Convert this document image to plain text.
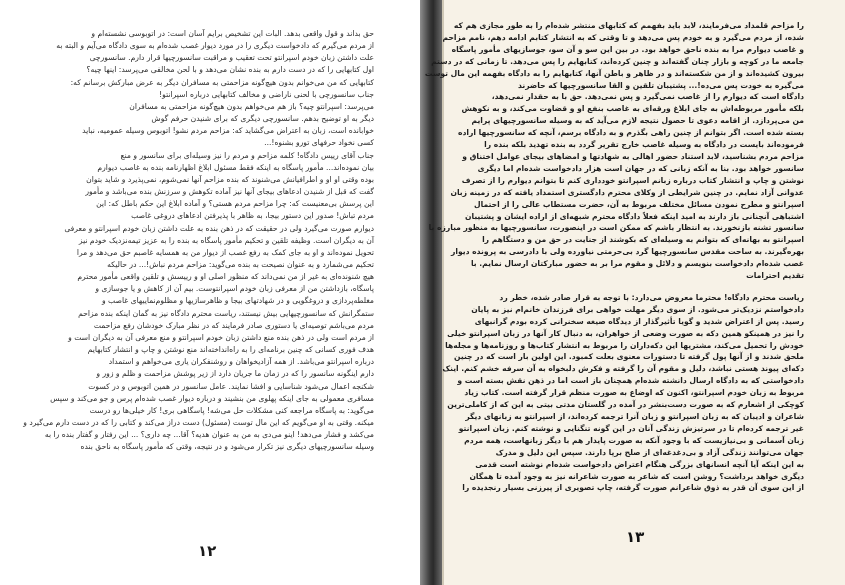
حق بداند و قول واقعی بدهد. البات این تشخیص برایم آسان است: در اتوبوسی نشسته‌ام و
از مردم می‌گیرم که دادخواست دیگری را در مورد دیوار غصب شده‌ام به سوی دادگاه می‌آیم و البته به
علت داشتن زبان خودم اسپرانتو تحت تعقیب و مراقبت سانسورچیها قرار دارم. سانسورچی
اول کتابهایی را که در دست دارم به بنده نشان می‌دهد و با لحن مخالفی می‌پرسد: اینها چیه؟
کتابهایی که من می‌خوانم بدون هیچ‌گونه مزاحمتی به مسافران دیگر به عرض مبارکش برسانم که:
جناب سانسورچی با لحنی ناراضی و مخالف کتابهایی درباره اسپرانتو!
می‌پرسد: اسپرانتو چیه؟ باز هم می‌خواهم بدون هیچ‌گونه مزاحمتی به مسافران
دیگر به او توضیح بدهم. سانسورچی دیگری که برای شنیدن حرفم گوش
خوابانده است، زبان به اعتراض می‌گشاید که: مزاحم مردم نشو! اتوبوس وسیله عمومیه، نباید
کسی نخواد حرفهای تورو بشنوه!...
جناب آقای رییس دادگاه! کلمه مزاحم و مردم را نیز وسیله‌ای برای سانسور و منع
بیان نموده‌اند... مأمور پاسگاه به اینکه فقط مسئول ابلاغ اظهارنامه بنده به غاصب دیوارم
بوده وقتی او او و اطرافیانش می‌شنوند که بنده مزاحم آنها نمی‌شوم، نمی‌پذیرد و شاید بتوان
گفت که قبل از شنیدن ادعاهای بیجای آنها نیز آماده تکوهش و سرزنش بنده می‌باشد و مأمور
این پرسش بی‌معنیست که: چرا مزاحم مردم هستی؟ و آماده ابلاغ این حکم باطل که: این
مردم تباش! صدور این دستور بیجا، به ظاهر با پذیرفتن ادعاهای دروغی غاصب
دیوارم صورت می‌گیرد ولی در حقیقت که در ذهن بنده به علت داشتن زبان خودم اسپرانتو و معرفی
آن به دیگران است. وظیفه تلقین و تحکیم مأمور پاسگاه به بنده را به عزیز تیمه‌نزدیک خودم نیز
تحویل نموده‌اند و او به جای کمک به رفع غصب از دیوار من به همسایه غاصبم حق می‌دهد و مرا
تحکیم می‌شمارد و به عنوان نصیحت به بنده می‌گوید: مزاحم مردم نباش!... در حالیکه
هیچ شنونده‌ای به غیر از من نمی‌داند که منظور اصلی او و رییسش و تلقین واقعی مأمور محترم
پاسگاه، بازداشتن من از معرفی زبان خودم اسپرانتوست. بیم آن از کاهش و یا جوسازی و
مغلطه‌پردازی و دروغگویی و در شهادتهای بیجا و ظاهرسازیها و مظلوم‌نماییهای غاصب و
ستمگرانش که سانسورچیهایی بیش نیستند، ریاست محترم دادگاه نیز به گمان اینکه بنده مزاحم
مردم می‌باشم توصیه‌ای یا دستوری صادر فرمایند که در نظر مبارک خودشان رفع مزاحمت
از مردم است ولی در ذهن بنده منع داشتن زبان خودم اسپرانتو و منع معرفی آن به دیگران است و
هدف فوری کسانی که چنین برنامه‌ای را به راه‌انداخته‌اند منع نوشتن و چاپ و انتشار کتابهایم
درباره اسپرانتو می‌باشد. از همه آزادیخواهان و روشنفکران یاری می‌خواهم و استمداد
دارم اینگونه سانسور را که در زمان ما جریان دارد از زیر پوشش مزاحمت و ظلم و زور و
شکنجه اعمال می‌شود شناسایی و افشا نمایند. عامل سانسور در همین اتوبوس و در کسوت
مسافری معمولی به جای اینکه پهلوی من بنشیند و درباره دیوار غصب شده‌ام پرس و جو می‌کند و سپس
می‌گوید: به پاسگاه مراجعه کنی مشکلات حل می‌شه! پاسگاهی بری! کار خیلی‌ها رو درست
میکنه. وقتی به او می‌گویم که این مال توست (مسئول) دست دراز می‌کند و کتابی را که در دست دارم می‌گیرد و
می‌کشد و فشار می‌دهد! اینو می‌دی به من به عنوان هدیه؟ آقا... چه داری؟ ... این رفتار و گفتار بنده را به
وسیله سانسورچیهای دیگری نیز تکرار می‌شود و در نتیجه، وقتی که مأمور پاسگاه به ناحق بنده
۱۲
را مزاحم قلمداد می‌فرمایند، لابد باید بفهمم که کتابهای منتشر شده‌ام را به طور مجازی هم که
شده، از مردم می‌گیرد و به خودم پس می‌دهد و تا وقتی که به انتشار کتابم ادامه دهم، نامم مزاحم
و غاصب دیوارم مرا به بنده ناحق خواهد بود. در بین این سو و آن سو، جوسازیهای مأمور پاسگاه
جامعه ما در کوچه و بازار چنان گفته‌اند و چنین کرده‌اند، کتابهایم را پس می‌دهد. تا زمانی که در دستم
بیرون کشیده‌اند و از من شکسته‌اند و در ظاهر و باطن آنها، کتابهایم را به دادگاه بفهمه این مال توست
می‌گیره به خودت پس می‌ده!... پشتیبان تلقین و القا سانسورچیها که حاضرند
دادگاه است که دیوارم را از غاصب نمی‌گیرد و پس نمی‌دهد. حق با به حقدار نمی‌دهد،
بلکه مأمور مربوطه‌اش به جای ابلاغ ورقه‌ای به غاصب بنفع او و قضاوت می‌کند، و به نکوهش
من می‌پردازد. از اقامه دعوی تا حصول نتیجه لازم می‌آید که به وسیله سانسورچیهای پرایم
بسته شده است. اگر بتوانم از چنین راهی بگذرم و به دادگاه برسم، آنچه که سانسورچیها اراده
فرموده‌اند بایست در دادگاه به وسیله غاصب خارج تقریر گردد به بنده تهدید بلکه بنده را
مزاحم مردم بشناسید، لابد استناد حضور اهالی به شهادتها و امضاهای بیجای عوامل اختناق و
سانسور خواهد بود. بنا به آنکه زبانی که در جهان است هزار دادخواست شده‌ام اما دیگری
نوشتن و چاپ و انتشار کتاب درباره زبانم اسپرانتو خودداری کنم تا بتوانم دیوارم را از تصرف
عدوانی آزاد نمایم. در چنین شرایطی از وکلای محترم دادگستری استمداد یافته که در زمینه زبان
اسپرانتو و مطرح نمودن مسائل مختلف مربوط به آن، حضرت مستطاب عالی را از احتمال
اشتباهی آنچنانی باز دارند به امید اینکه فعلاً دادگاه محترم شبهه‌ای از اراده ایشان و پشتیبان
سانسور تشنه بازنخورند. به انتظار باشم که ممکن است در اینصورت، سانسورچیها به منظور مبارزه با
اسپرانتو به بهانه‌ای که بتوانم به وسیله‌ای که بکوشند از جنایت در حق من و دستگاهم را
بهره‌گیرند. به ساحت مقدس سانسورچیها گرد بی‌حرمتی نیاورده ولی با دادرسی به پرونده دیوار
غصب شده‌ام دادخواست بنویسم و دلائل و مقوم مرا بر به حضور مبارکتان ارسال نمایم. با
تقدیم احترامات
ریاست محترم دادگاه! محترما معروض می‌دارد: با توجه به قرار صادر شده، خطر رد
دادخواستم نزدیک‌تر می‌شود. از سوی دیگر مهلت خواهی برای فرزندان خانم‌ام نیز به پایان
رسید. پس از اعتراض شدید و گویا تأثیرگذار از دیدگاه صیغه سخنرانی کرده بودم گرانبهای
را نیز در همینکو همین دکه به صورت وضعی از خواهران، به دنبال کار آنها در زبان اسپرانتو خیلی
خودش را تحمیل می‌کند، مشتریها این دکه‌داران را مربوط به انتشار کتاب‌ها و روزنامه‌ها و مجله‌ها
ملحق شدند و از آنها پول گرفته تا دستورات معنوی بعلت کمبود. این اولین بار است که در چنین
دکه‌ای پیوند هستی نباشد، دلیل و مقوم آن را گرفته و فکرش دلبخواه به آن سرفه خشم کنم. اینک
دادخواستی که به دادگاه ارسال دانشته شده‌ام همچنان باز است اما در ذهن نقش بسته است و
مربوط به زبان خودم اسپرانتو، اکنون که اوضاع به صورت منظم قرار گرفته است. کتاب زیاد
کوچکی از اشعارم که به صورت دست‌بنشر در آمده در گلستان مدتی بیتی به این که از کاملی‌ترین
شاعران و ادیبان که به زبان اسپرانتو و زبان آنرا ترجمه کرده‌اند، از اسپرانتو به زبانهای دیگر
غیر ترجمه کرده‌ام تا در سرتیزش زندگی آنان در این گونه تنگنایی و نوشته کنم. زبان اسپرانتو
زبان آسمانی و بی‌نیازیست که با وجود آنکه به صورت پایدار هم با دیگر زبانهاست، همه مردم
جهان می‌توانند زندگی آزاد و بی‌دغدغه‌ای از صلح برپا دارند. سپس این دلیل و مدرک
به این اینکه آیا آنچه انسانهای بزرگی هنگام اعتراض دادخواست شده‌ام نوشته است قدمی
دیگری خواهد برداشت؟ روشن است که شاعر به صورت شاعرانه نیز به وجود آمده تا همگان
از این سوی آن قدر به ذوق شاعرانم صورت گرفته، چاپ تصویری از پیرزنی بسیار رنجدیده را
۱۳
